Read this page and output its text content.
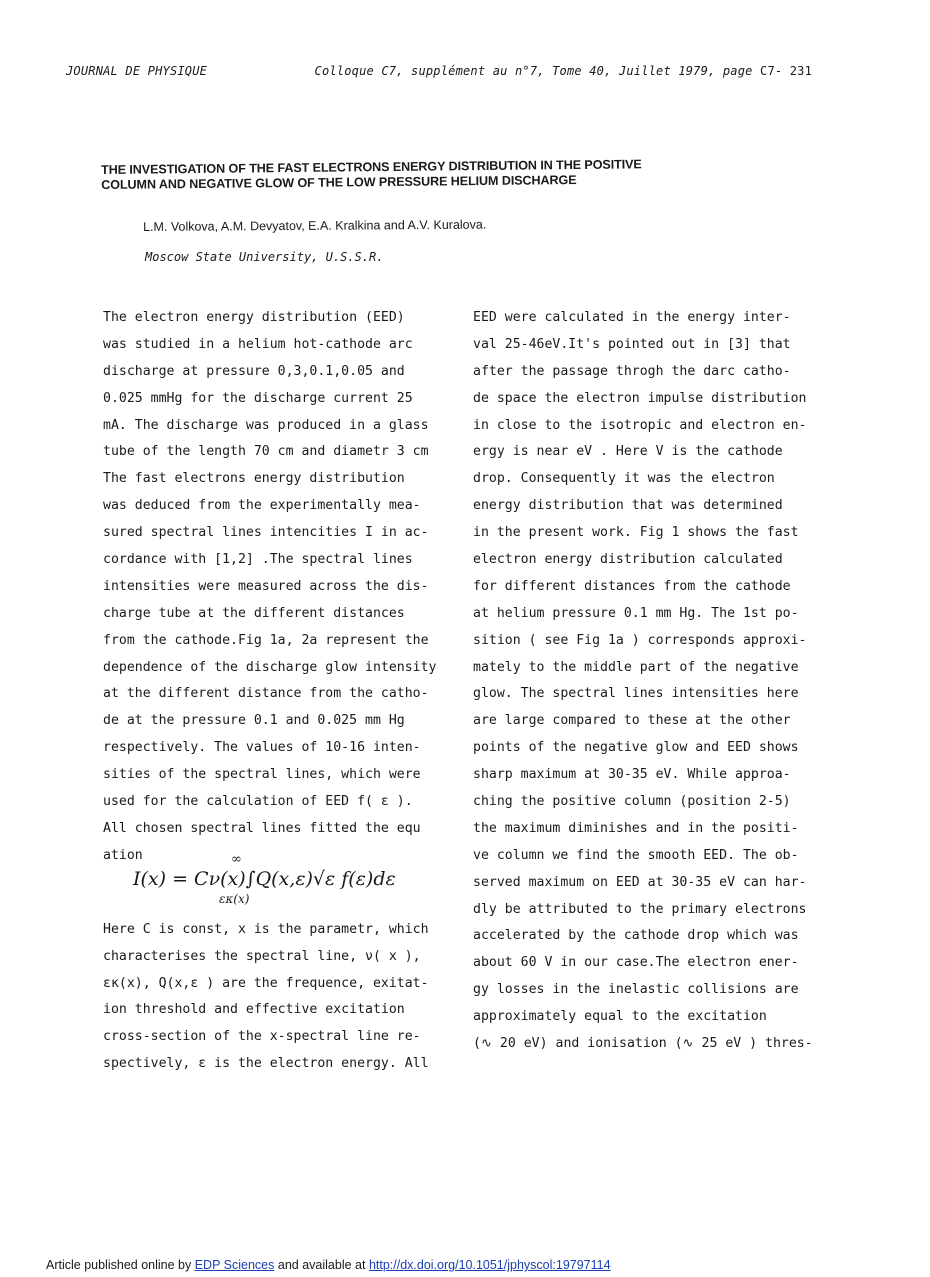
JOURNAL DE PHYSIQUE	Colloque C7, supplément au n°7, Tome 40, Juillet 1979, page C7- 231
THE INVESTIGATION OF THE FAST ELECTRONS ENERGY DISTRIBUTION IN THE POSITIVE
COLUMN AND NEGATIVE GLOW OF THE LOW PRESSURE HELIUM DISCHARGE
L.M. Volkova, A.M. Devyatov, E.A. Kralkina and A.V. Kuralova.
Moscow State University, U.S.S.R.
The electron energy distribution (EED)
was studied in a helium hot-cathode arc
discharge at pressure 0,3,0.1,0.05 and
0.025 mmHg for the discharge current 25
mA. The discharge was produced in a glass
tube of the length 70 cm and diametr 3 cm
The fast electrons energy distribution
was deduced from the experimentally mea-
sured spectral lines intencities I in ac-
cordance with [1,2] .The spectral lines
intensities were measured across the dis-
charge tube at the different distances
from the cathode.Fig 1a, 2a represent the
dependence of the discharge glow intensity
at the different distance from the catho-
de at the pressure 0.1 and 0.025 mm Hg
respectively. The values of 10-16 inten-
sities of the spectral lines, which were
used for the calculation of EED f( ε ).
All chosen spectral lines fitted the equ
ation	∞
I(x) = Cν(x)∫Q(x,ε)√ε f(ε)dε
εκ(x)
Here C is const, x is the parametr, which
characterises the spectral line, ν( x ),
εκ(x), Q(x,ε ) are the frequence, exitat-
ion threshold and effective excitation
cross-section of the x-spectral line re-
spectively, ε is the electron energy. All
EED were calculated in the energy inter-
val 25-46eV.It's pointed out in [3] that
after the passage throgh the darc catho-
de space the electron impulse distribution
in close to the isotropic and electron en-
ergy is near eV . Here V is the cathode
drop. Consequently it was the electron
energy distribution that was determined
in the present work. Fig 1 shows the fast
electron energy distribution calculated
for different distances from the cathode
at helium pressure 0.1 mm Hg. The 1st po-
sition ( see Fig 1a ) corresponds approxi-
mately to the middle part of the negative
glow. The spectral lines intensities here
are large compared to these at the other
points of the negative glow and EED shows
sharp maximum at 30-35 eV. While approa-
ching the positive column (position 2-5)
the maximum diminishes and in the positi-
ve column we find the smooth EED. The ob-
served maximum on EED at 30-35 eV can har-
dly be attributed to the primary electrons
accelerated by the cathode drop which was
about 60 V in our case.The electron ener-
gy losses in the inelastic collisions are
approximately equal to the excitation
(∿ 20 eV) and ionisation (∿ 25 eV ) thres-
Article published online by EDP Sciences and available at http://dx.doi.org/10.1051/jphyscol:19797114
